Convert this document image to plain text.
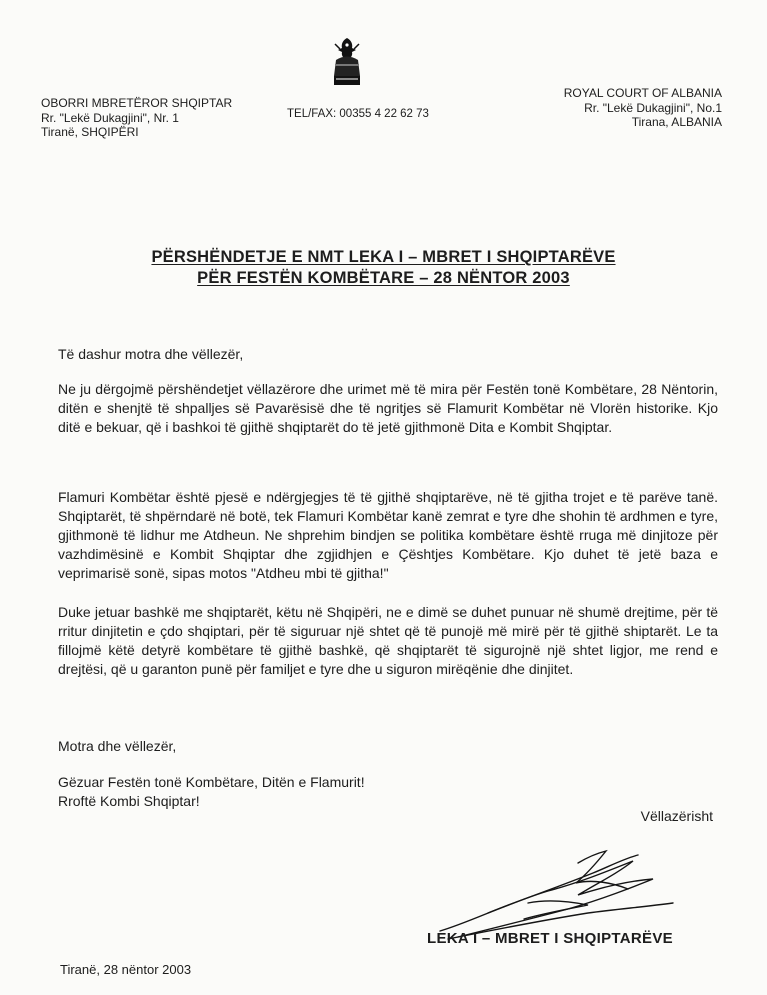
OBORRI MBRETËROR SHQIPTAR
Rr. "Lekë Dukagjini", Nr. 1
Tiranë, SHQIPËRI
TEL/FAX: 00355 4 22 62 73
ROYAL COURT OF ALBANIA
Rr. "Lekë Dukagjini", No.1
Tirana, ALBANIA
PËRSHËNDETJE E NMT LEKA I – MBRET I SHQIPTARËVE
PËR FESTËN KOMBËTARE – 28 NËNTOR 2003
Të dashur motra dhe vëllezër,

Ne ju dërgojmë përshëndetjet vëllazërore dhe urimet më të mira për Festën tonë Kombëtare, 28 Nëntorin, ditën e shenjtë të shpalljes së Pavarësisë dhe të ngritjes së Flamurit Kombëtar në Vlorën historike. Kjo ditë e bekuar, që i bashkoi të gjithë shqiptarët do të jetë gjithmonë Dita e Kombit Shqiptar.

Flamuri Kombëtar është pjesë e ndërgjegjes të të gjithë shqiptarëve, në të gjitha trojet e të parëve tanë. Shqiptarët, të shpërndarë në botë, tek Flamuri Kombëtar kanë zemrat e tyre dhe shohin të ardhmen e tyre, gjithmonë të lidhur me Atdheun. Ne shprehim bindjen se politika kombëtare është rruga më dinjitoze për vazhdimësinë e Kombit Shqiptar dhe zgjidhjen e Çështjes Kombëtare. Kjo duhet të jetë baza e veprimarisë sonë, sipas motos "Atdheu mbi të gjitha!"

Duke jetuar bashkë me shqiptarët, këtu në Shqipëri, ne e dimë se duhet punuar në shumë drejtime, për të rritur dinjitetin e çdo shqiptari, për të siguruar një shtet që të punojë më mirë për të gjithë shiptarët. Le ta fillojmë këtë detyrë kombëtare të gjithë bashkë, që shqiptarët të sigurojnë një shtet ligjor, me rend e drejtësi, që u garanton punë për familjet e tyre dhe u siguron mirëqënie dhe dinjitet.

Motra dhe vëllezër,
Gëzuar Festën tonë Kombëtare, Ditën e Flamurit!
Rroftë Kombi Shqiptar!
Vëllazërisht
LEKA I – MBRET I SHQIPTARËVE
Tiranë, 28 nëntor 2003
